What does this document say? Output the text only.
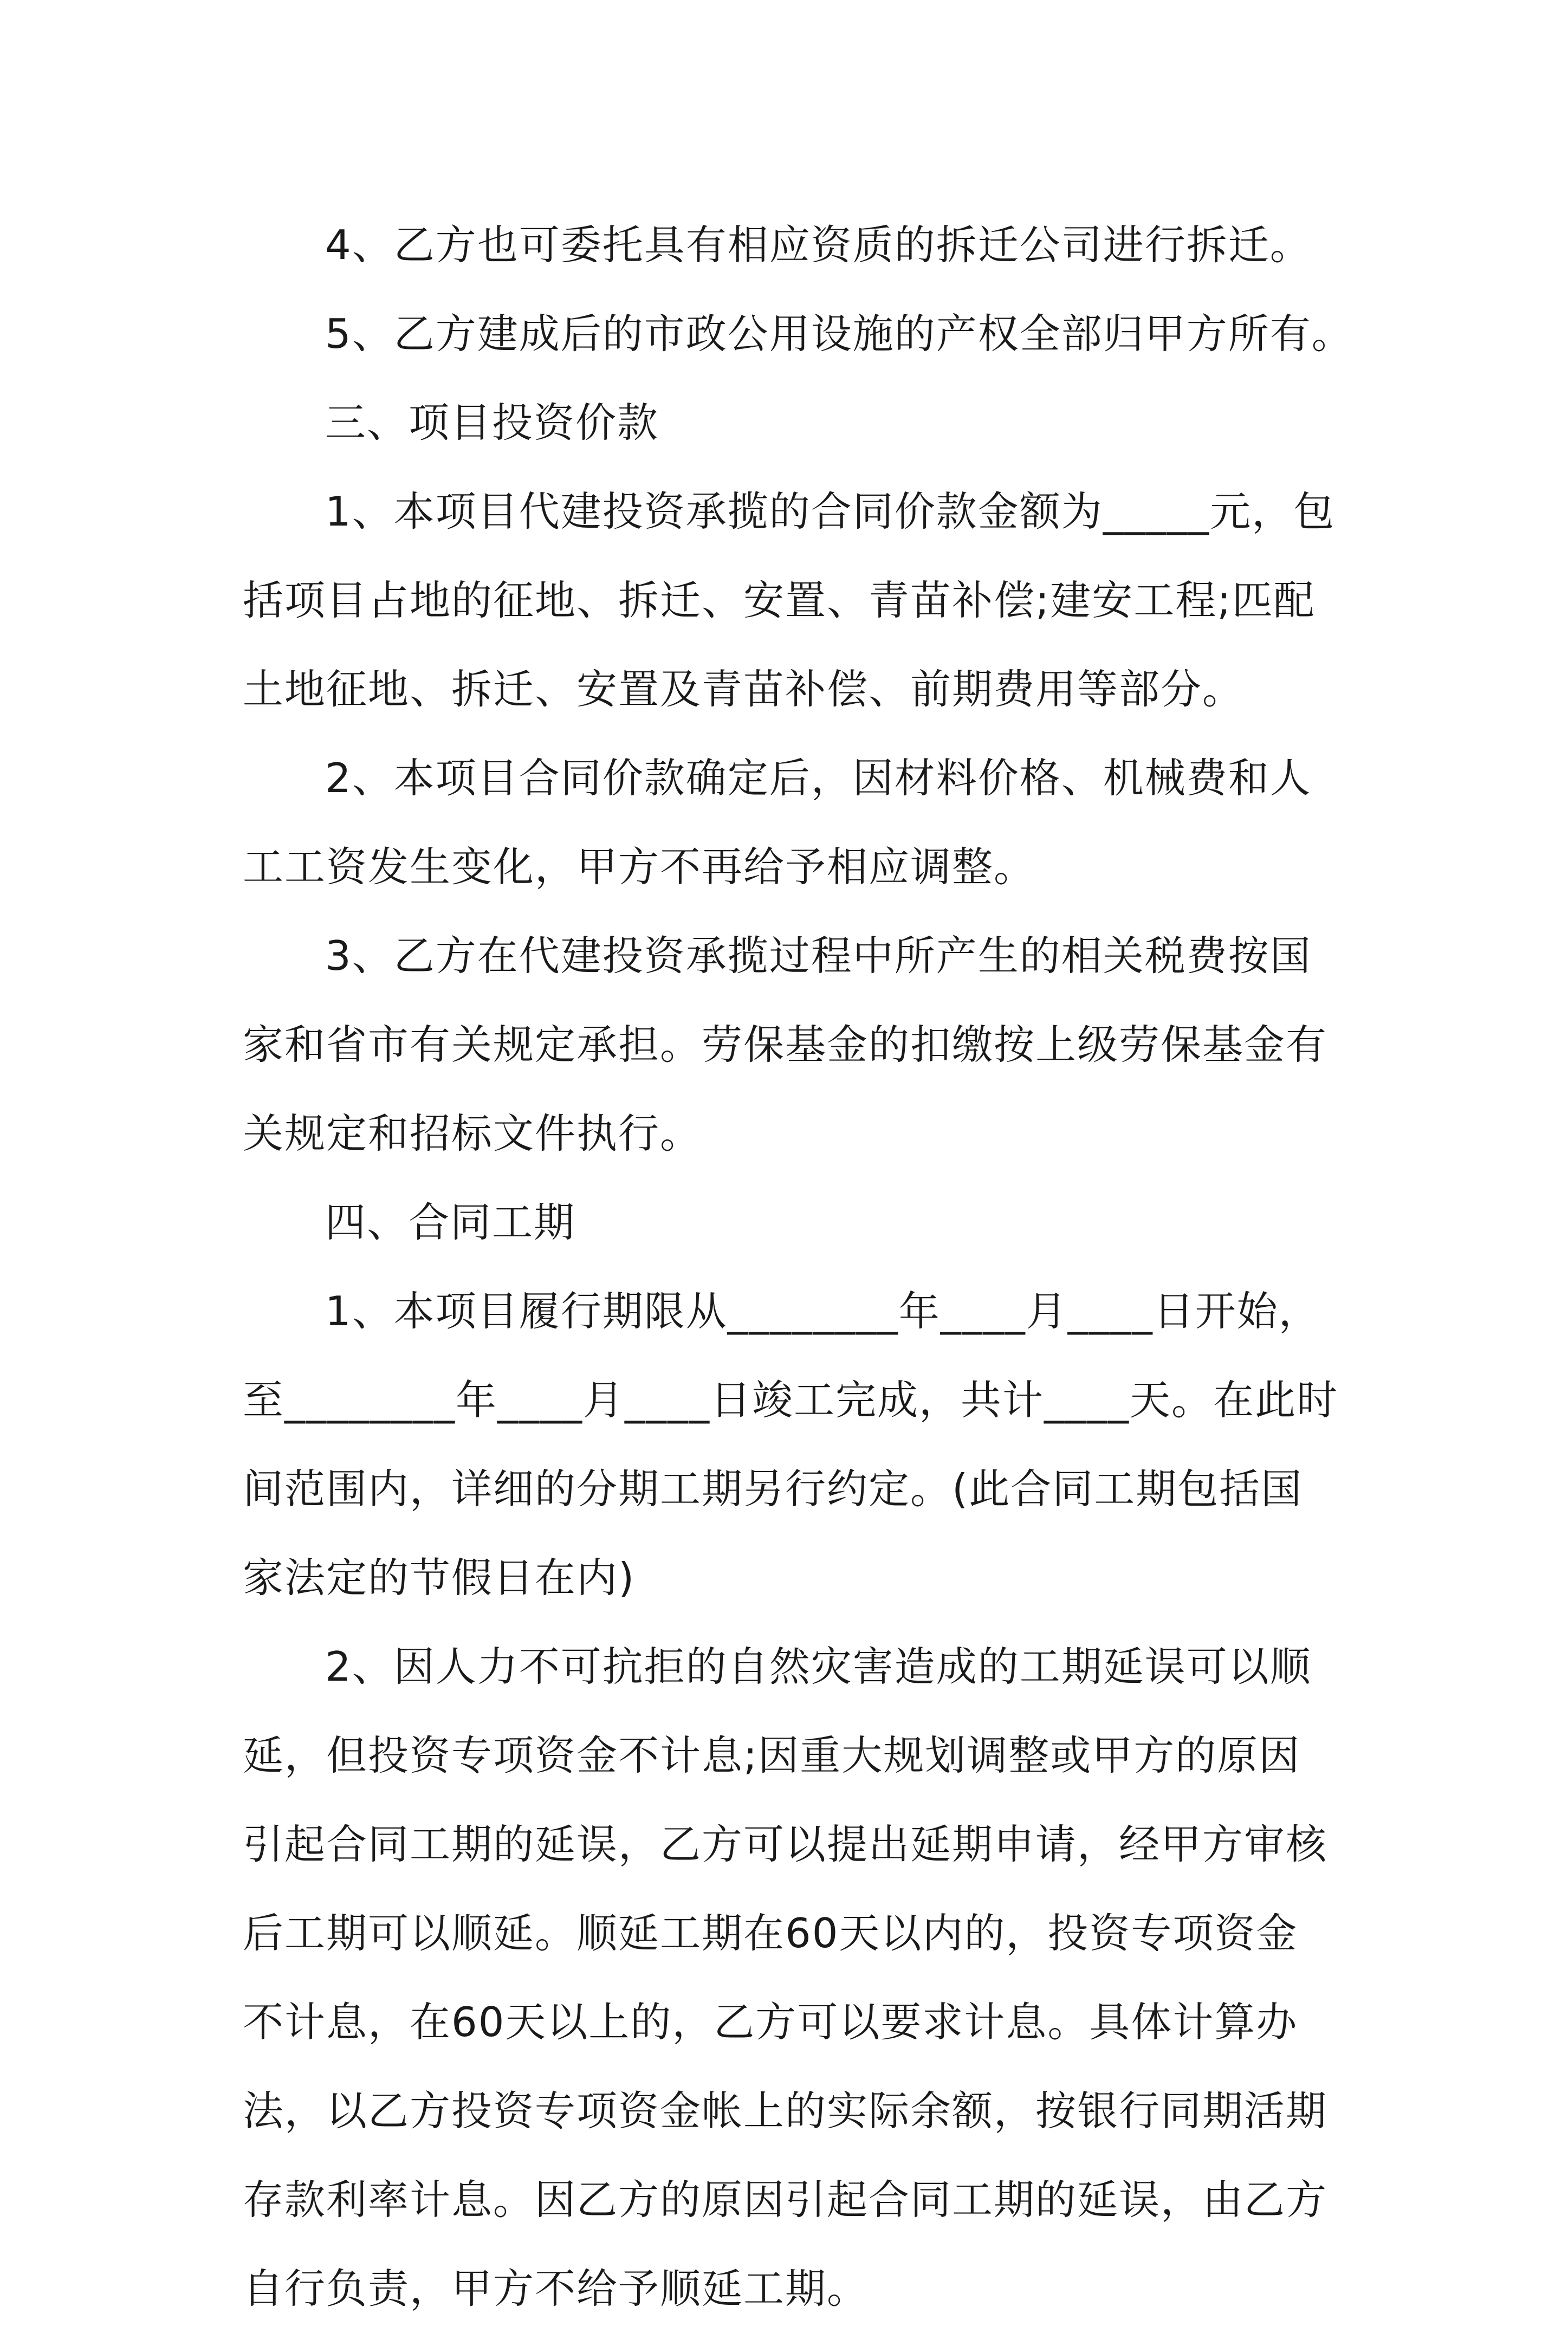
4、乙方也可委托具有相应资质的拆迁公司进行拆迁。
5、乙方建成后的市政公用设施的产权全部归甲方所有。
三、项目投资价款
1、本项目代建投资承揽的合同价款金额为_____元，包
括项目占地的征地、拆迁、安置、青苗补偿;建安工程;匹配
土地征地、拆迁、安置及青苗补偿、前期费用等部分。
2、本项目合同价款确定后，因材料价格、机械费和人
工工资发生变化，甲方不再给予相应调整。
3、乙方在代建投资承揽过程中所产生的相关税费按国
家和省市有关规定承担。劳保基金的扣缴按上级劳保基金有
关规定和招标文件执行。
四、合同工期
1、本项目履行期限从________年____月____日开始，
至________年____月____日竣工完成，共计____天。在此时
间范围内，详细的分期工期另行约定。(此合同工期包括国
家法定的节假日在内)
2、因人力不可抗拒的自然灾害造成的工期延误可以顺
延，但投资专项资金不计息;因重大规划调整或甲方的原因
引起合同工期的延误，乙方可以提出延期申请，经甲方审核
后工期可以顺延。顺延工期在60天以内的，投资专项资金
不计息，在60天以上的，乙方可以要求计息。具体计算办
法，以乙方投资专项资金帐上的实际余额，按银行同期活期
存款利率计息。因乙方的原因引起合同工期的延误，由乙方
自行负责，甲方不给予顺延工期。
